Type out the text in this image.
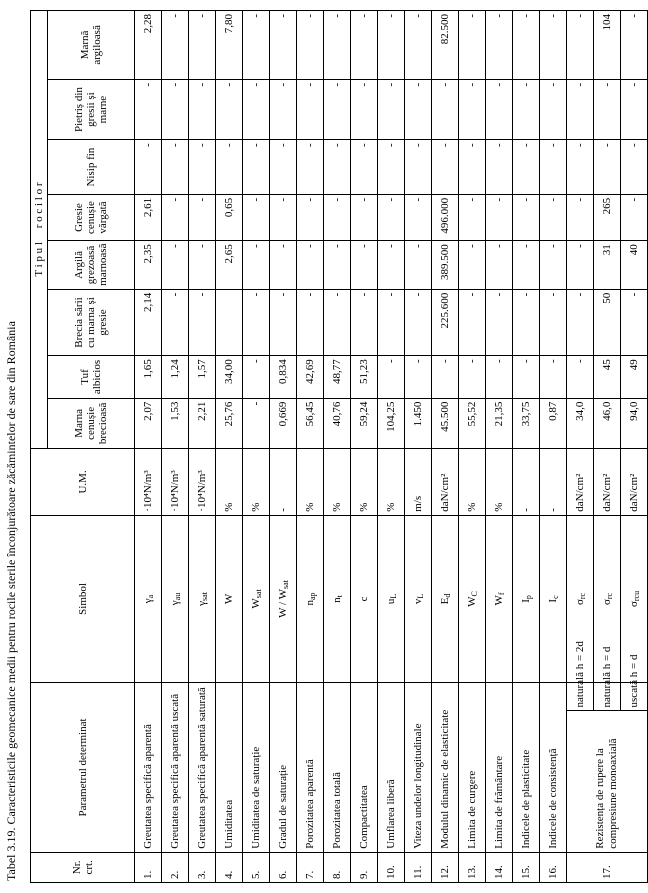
Tabel 3.19. Caracteristicile geomecanice medii pentru rocile sterile înconjurătoare zăcămintelor de sare din România	Nr. crt.	Parametrul determinat		Simbol	U.M.	T i p u l     r o c i l o r							
					Marna cenușie brecioasă	Tuf albicios	Brecia sării cu marna și gresie	Argilă grezoasă marnoasă	Gresie cenușie vărgată	Nisip fin	Pietriș din gresii și marne	Marnă argiloasă
1.	Greutatea specifică aparentă		$\gamma_a$	·10⁴N/m³	2,07	1,65	2,14	2,35	2,61	-	-	2,28
2.	Greutatea specifică aparentă uscată		$\gamma_{au}$	·10⁴N/m³	1,53	1,24	-	-	-	-	-	-
3.	Greutatea specifică aparentă saturată		$\gamma_{sat}$	·10⁴N/m³	2,21	1,57	-	-	-	-	-	-
4.	Umiditatea		W	%	25,76	34,00		2,65	0,65	-	-	7,80
5.	Umiditatea de saturație		$W_{sat}$	%	-	-	-	-	-	-	-	-
6.	Gradul de saturație		W / $W_{sat}$	-	0,669	0,834	-	-	-	-	-	-
7.	Porozitatea aparentă		$n_{ap}$	%	56,45	42,69	-	-	-	-	-	-
8.	Porozitatea totală		$n_t$	%	40,76	48,77	-	-	-	-	-	-
9.	Compactitatea		c	%	59,24	51,23	-	-	-	-	-	-
10.	Umflarea liberă		$u_L$	%	104,25	-	-	-	-	-	-	-
11.	Viteza undelor longitudinale		$v_L$	m/s	1.450	-	-	-	-	-	-	-
12.	Modulul dinamic de elasticitate		$E_d$	daN/cm²	45.500	-	225.600	389.500	496.000	-	-	82.500
13.	Limita de curgere		$W_C$	%	55,52	-	-	-	-	-	-	-
14.	Limita de frământare		$W_f$	%	21,35	-	-	-	-	-	-	-
15.	Indicele de plasticitate		$I_p$	-	33,75	-	-	-	-	-	-	-
16.	Indicele de consistență		$I_c$	-	0,87	-	-	-	-	-	-	-
17.	Rezistența de rupere la compresiune monoaxială	naturală h = 2d	$\sigma_{rc}$	daN/cm²	34,0	-	-	-	-	-	-	-
		naturală h = d	$\sigma_{rc}$	daN/cm²	46,0	45	50	31	265	-	-	104
		uscată h = d	$\sigma_{rcu}$	daN/cm²	94,0	49	-	40	-	-	-	-
